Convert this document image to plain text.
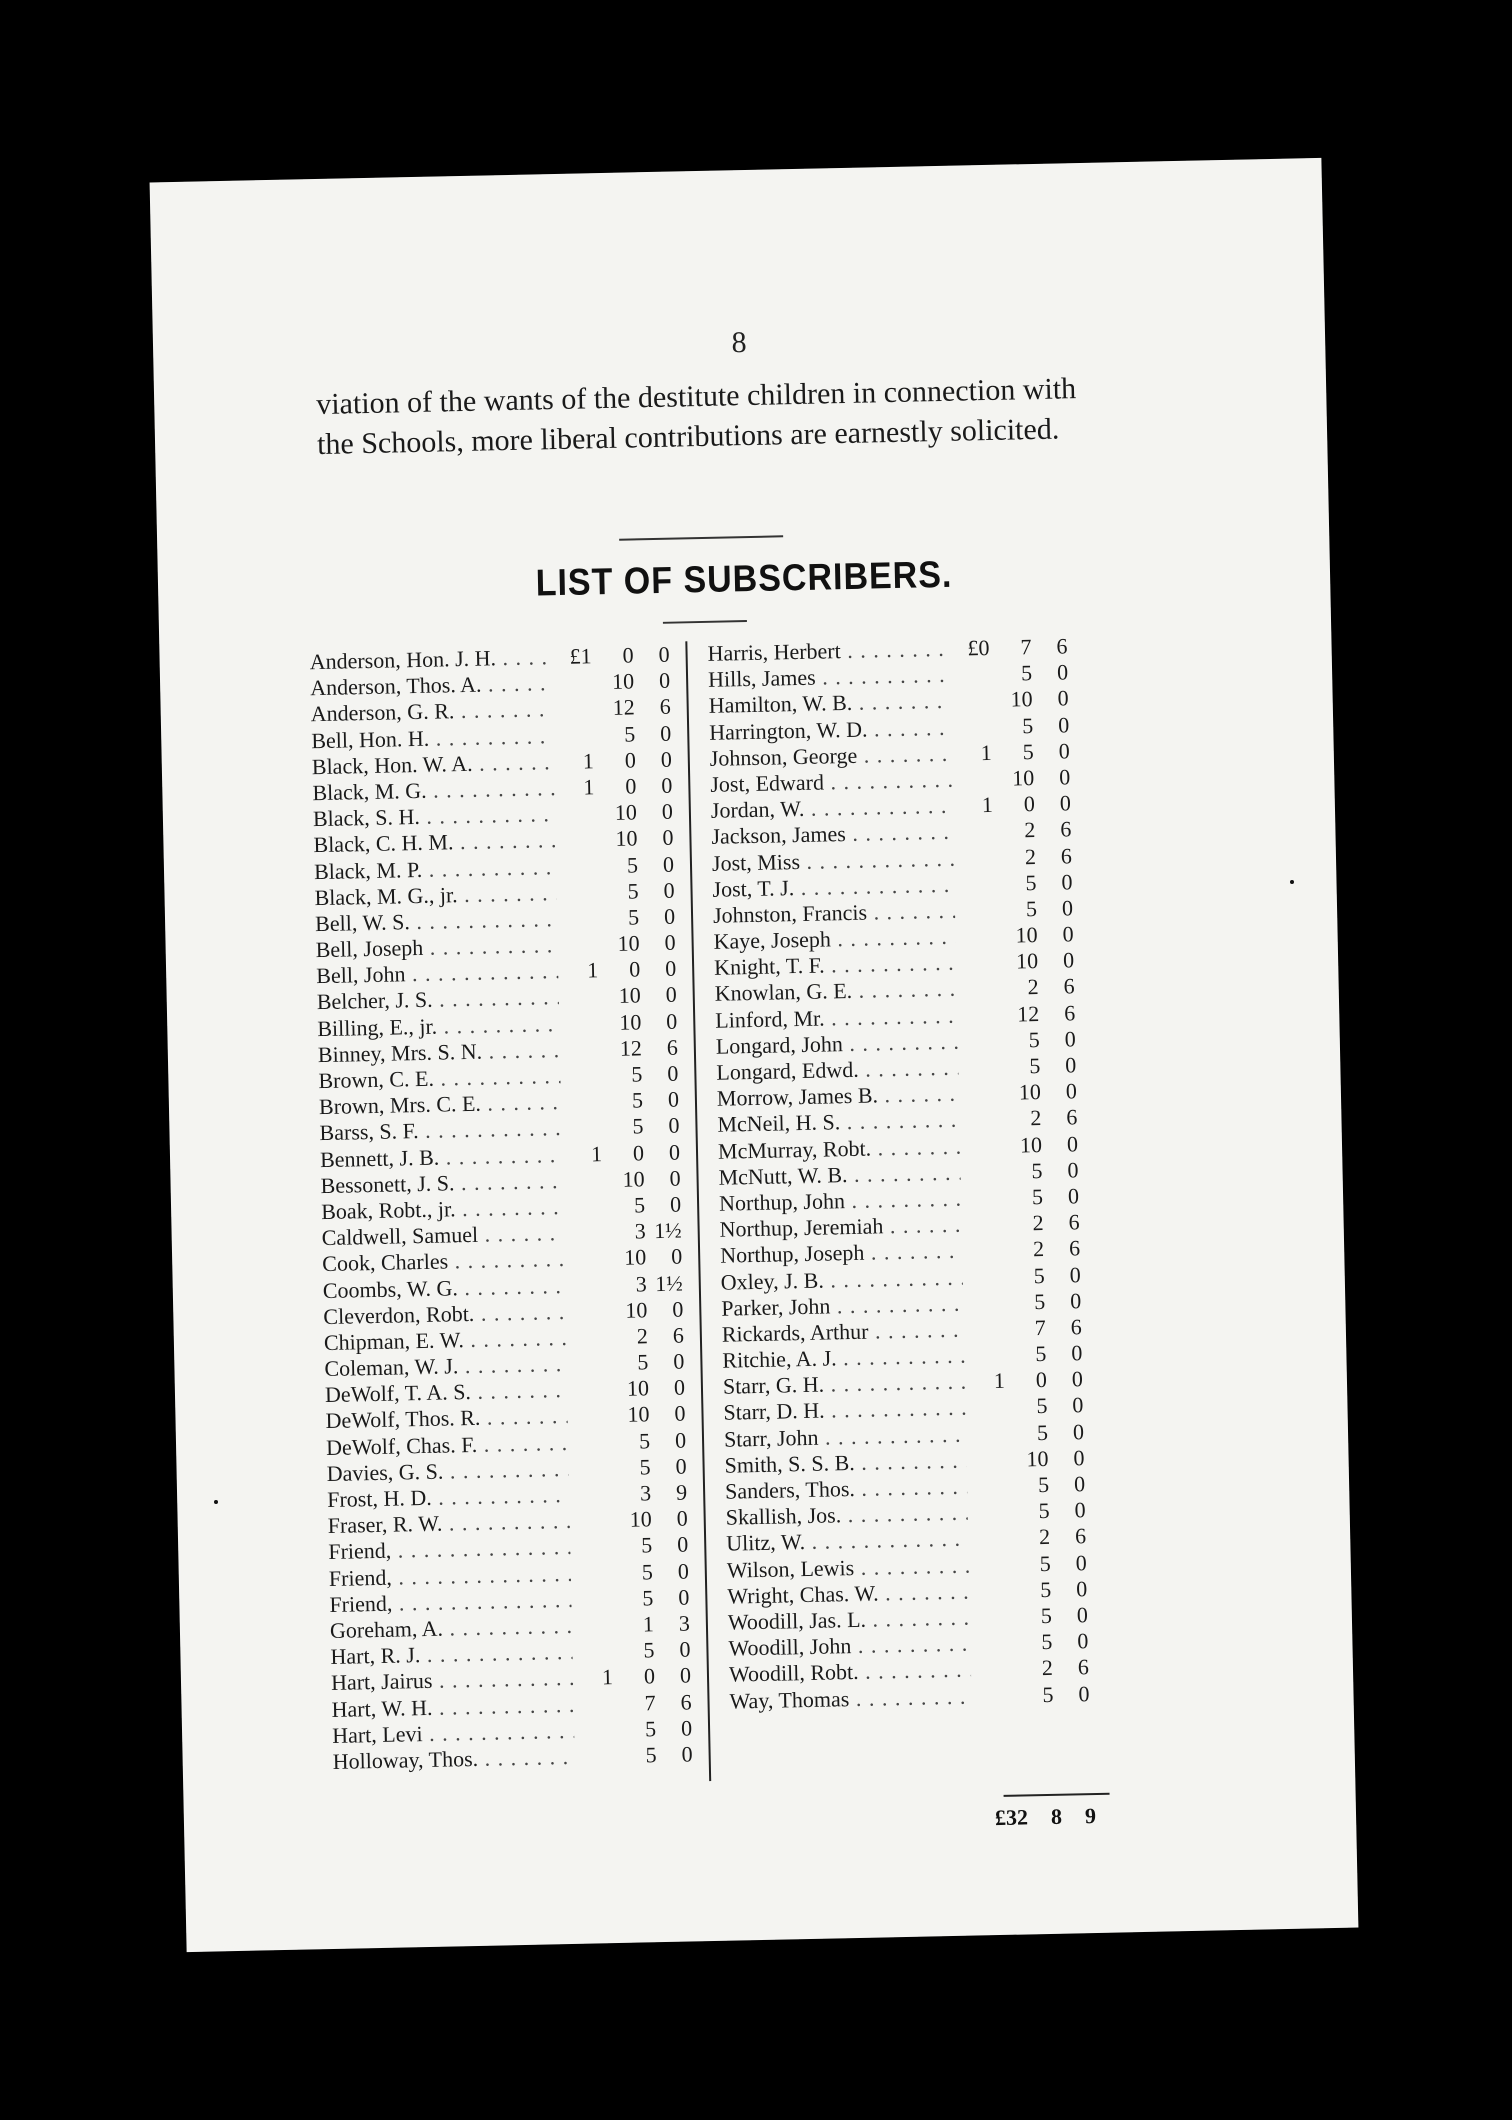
8
viation of the wants of the destitute children in connection with the Schools, more liberal contributions are earnestly solicited.
LIST OF SUBSCRIBERS.
Anderson, Hon. J. H. . . .	£1	0	0
Anderson, Thos. A. . . .	10	0
Anderson, G. R. . . .	12	6
Bell, Hon. H. . . .	5	0
Black, Hon. W. A. . . .	1	0	0
Black, M. G. . . .	1	0	0
Black, S. H. . . .	10	0
Black, C. H. M. . . .	10	0
Black, M. P. . . .	5	0
Black, M. G., jr. . . .	5	0
Bell, W. S. . . .	5	0
Bell, Joseph . . .	10	0
Bell, John . . .	1	0	0
Belcher, J. S. . . .	10	0
Billing, E., jr. . . .	10	0
Binney, Mrs. S. N. . . .	12	6
Brown, C. E. . . .	5	0
Brown, Mrs. C. E. . . .	5	0
Barss, S. F. . . .	5	0
Bennett, J. B. . . .	1	0	0
Bessonett, J. S. . . .	10	0
Boak, Robt., jr. . . .	5	0
Caldwell, Samuel . . .	3 1½
Cook, Charles . . .	10	0
Coombs, W. G. . . .	3 1½
Cleverdon, Robt. . . .	10	0
Chipman, E. W. . . .	2	6
Coleman, W. J. . . .	5	0
DeWolf, T. A. S. . . .	10	0
DeWolf, Thos. R. . . .	10	0
DeWolf, Chas. F. . . .	5	0
Davies, G. S. . . .	5	0
Frost, H. D. . . .	3	9
Fraser, R. W. . . .	10	0
Friend, . . .	5	0
Friend, . . .	5	0
Friend, . . .	5	0
Goreham, A. . . .	1	3
Hart, R. J. . . .	5	0
Hart, Jairus . . .	1	0	0
Hart, W. H. . . .	7	6
Hart, Levi . . .	5	0
Holloway, Thos. . . .	5	0
Harris, Herbert . . .	£0	7	6
Hills, James . . .	5	0
Hamilton, W. B. . . .	10	0
Harrington, W. D. . . .	5	0
Johnson, George . . .	1	5	0
Jost, Edward . . .	10	0
Jordan, W. . . .	1	0	0
Jackson, James . . .	2	6
Jost, Miss . . .	2	6
Jost, T. J. . . .	5	0
Johnston, Francis . . .	5	0
Kaye, Joseph . . .	10	0
Knight, T. F. . . .	10	0
Knowlan, G. E. . . .	2	6
Linford, Mr. . . .	12	6
Longard, John . . .	5	0
Longard, Edwd. . . .	5	0
Morrow, James B. . . .	10	0
McNeil, H. S. . . .	2	6
McMurray, Robt. . . .	10	0
McNutt, W. B. . . .	5	0
Northup, John . . .	5	0
Northup, Jeremiah . . .	2	6
Northup, Joseph . . .	2	6
Oxley, J. B. . . .	5	0
Parker, John . . .	5	0
Rickards, Arthur . . .	7	6
Ritchie, A. J. . . .	5	0
Starr, G. H. . . .	1	0	0
Starr, D. H. . . .	5	0
Starr, John . . .	5	0
Smith, S. S. B. . . .	10	0
Sanders, Thos. . . .	5	0
Skallish, Jos. . . .	5	0
Ulitz, W. . . .	2	6
Wilson, Lewis . . .	5	0
Wright, Chas. W. . . .	5	0
Woodill, Jas. L. . . .	5	0
Woodill, John . . .	5	0
Woodill, Robt. . . .	2	6
Way, Thomas . . .	5	0
£32	8	9
